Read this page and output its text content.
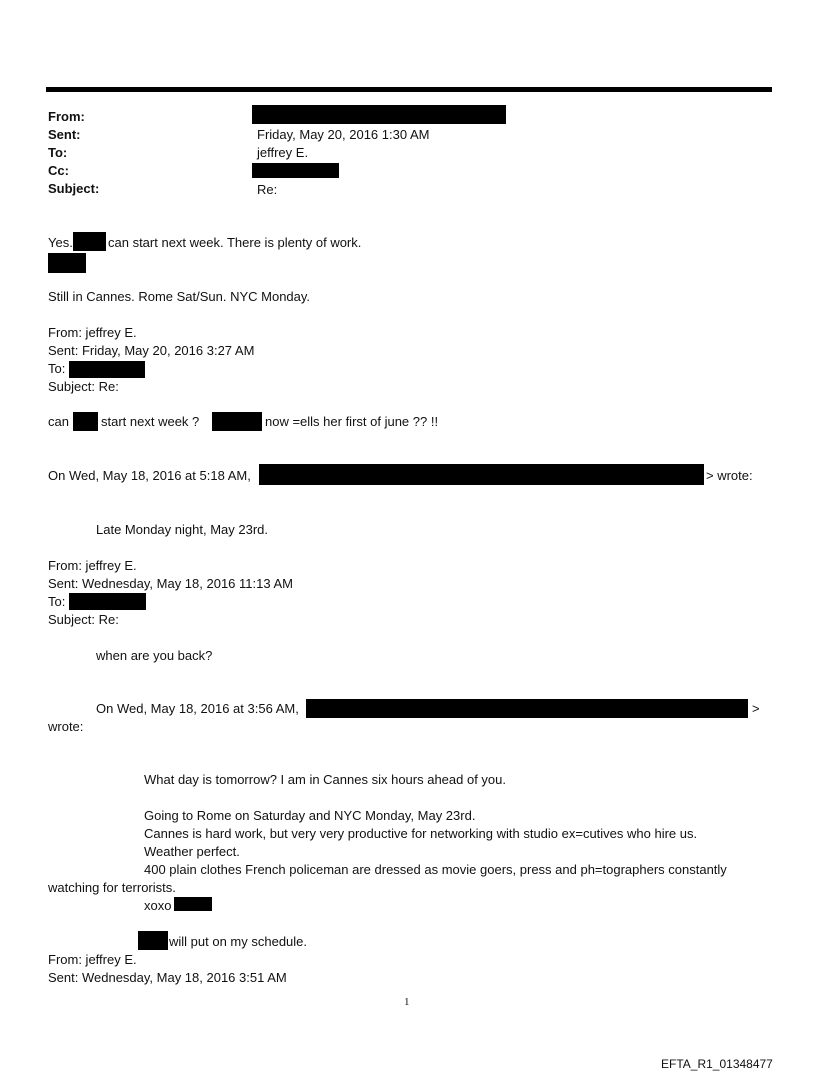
From:
Sent:	Friday, May 20, 2016 1:30 AM
To:	jeffrey E.
Cc:
Subject:	Re:
Yes.	can start next week. There is plenty of work.
Still in Cannes. Rome Sat/Sun. NYC Monday.
From: jeffrey E.
Sent: Friday, May 20, 2016 3:27 AM
To:
Subject: Re:
can start next week ?	now =ells her first of june ?? !!
On Wed, May 18, 2016 at 5:18 AM,	> wrote:
Late Monday night, May 23rd.
From: jeffrey E.
Sent: Wednesday, May 18, 2016 11:13 AM
To:
Subject: Re:
when are you back?
On Wed, May 18, 2016 at 3:56 AM,	>
wrote:
What day is tomorrow? I am in Cannes six hours ahead of you.
Going to Rome on Saturday and NYC Monday, May 23rd.
Cannes is hard work, but very very productive for networking with studio ex=cutives who hire us.
Weather perfect.
400 plain clothes French policeman are dressed as movie goers, press and ph=tographers constantly
watching for terrorists.
xoxo
will put on my schedule.
From: jeffrey E.
Sent: Wednesday, May 18, 2016 3:51 AM
1
EFTA_R1_01348477
